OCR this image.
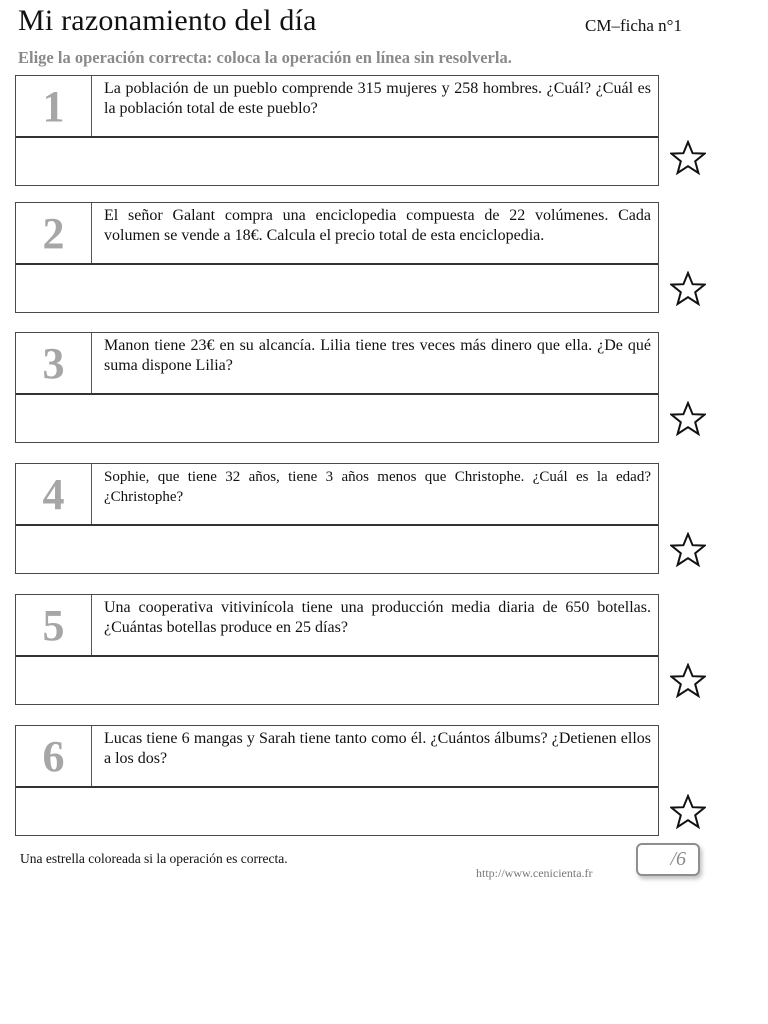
Mi razonamiento del día	CM–ficha n°1

Elige la operación correcta: coloca la operación en línea sin resolverla.

1	La población de un pueblo comprende 315 mujeres y 258 hombres. ¿Cuál? ¿Cuál es la población total de este pueblo?
2	El señor Galant compra una enciclopedia compuesta de 22 volúmenes. Cada volumen se vende a 18€. Calcula el precio total de esta enciclopedia.
3	Manon tiene 23€ en su alcancía. Lilia tiene tres veces más dinero que ella. ¿De qué suma dispone Lilia?
4	Sophie, que tiene 32 años, tiene 3 años menos que Christophe. ¿Cuál es la edad? ¿Christophe?
5	Una cooperativa vitivinícola tiene una producción media diaria de 650 botellas. ¿Cuántas botellas produce en 25 días?
6	Lucas tiene 6 mangas y Sarah tiene tanto como él. ¿Cuántos álbums? ¿Detienen ellos a los dos?
Una estrella coloreada si la operación es correcta.
http://www.cenicienta.fr
/6
